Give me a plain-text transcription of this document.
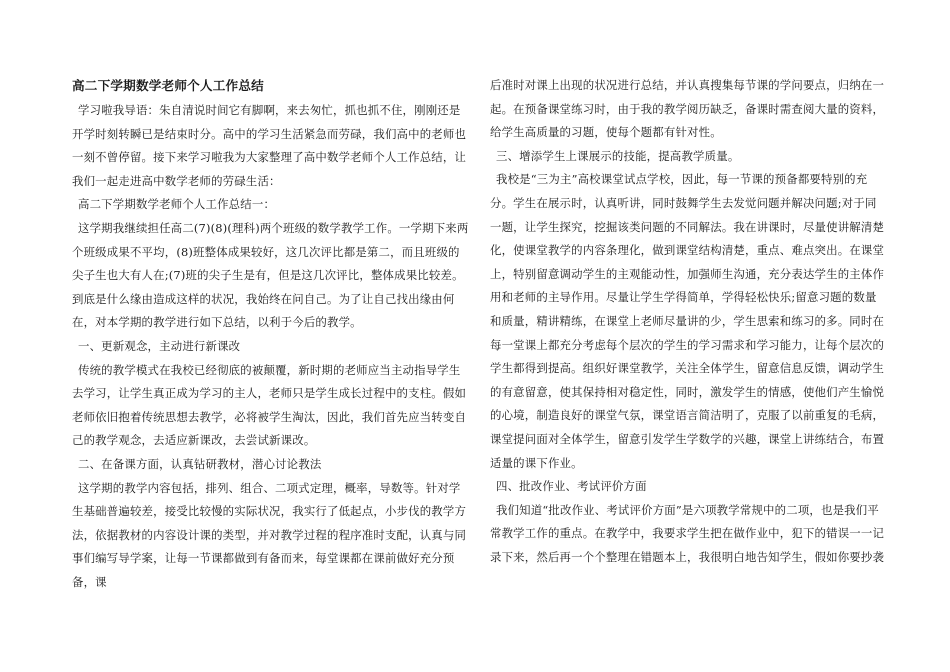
高二下学期数学老师个人工作总结

学习啦我导语：朱自清说时间它有脚啊，来去匆忙，抓也抓不住，刚刚还是开学时刻转瞬已是结束时分。高中的学习生活紧急而劳碌，我们高中的老师也一刻不曾停留。接下来学习啦我为大家整理了高中数学老师个人工作总结，让我们一起走进高中数学老师的劳碌生活：

高二下学期数学老师个人工作总结一：

这学期我继续担任高二(7)(8)(理科)两个班级的数学教学工作。一学期下来两个班级成果不平均，(8)班整体成果较好，这几次评比都是第二，而且班级的尖子生也大有人在;(7)班的尖子生是有，但是这几次评比，整体成果比较差。到底是什么缘由造成这样的状况，我始终在问自己。为了让自己找出缘由何在，对本学期的教学进行如下总结，以利于今后的教学。

一、更新观念，主动进行新课改

传统的教学模式在我校已经彻底的被颠覆，新时期的老师应当主动指导学生去学习，让学生真正成为学习的主人，老师只是学生成长过程中的支柱。假如老师依旧抱着传统思想去教学，必将被学生淘汰，因此，我们首先应当转变自己的教学观念，去适应新课改，去尝试新课改。

二、在备课方面，认真钻研教材，潜心讨论教法

这学期的教学内容包括，排列、组合、二项式定理，概率，导数等。针对学生基础普遍较差，接受比较慢的实际状况，我实行了低起点，小步伐的教学方法，依据教材的内容设计课的类型，并对教学过程的程序准时支配，认真与同事们编写导学案，让每一节课都做到有备而来，每堂课都在课前做好充分预备，课

后准时对课上出现的状况进行总结，并认真搜集每节课的学问要点，归纳在一起。在预备课堂练习时，由于我的教学阅历缺乏，备课时需查阅大量的资料，给学生高质量的习题，使每个题都有针对性。

三、增添学生上课展示的技能，提高教学质量。

我校是“三为主”高校课堂试点学校，因此，每一节课的预备都要特别的充分。学生在展示时，认真听讲，同时鼓舞学生去发觉问题并解决问题;对于同一题，让学生探究，挖掘该类问题的不同解法。我在讲课时，尽量使讲解清楚化，使课堂教学的内容条理化，做到课堂结构清楚，重点、难点突出。在课堂上，特别留意调动学生的主观能动性，加强师生沟通，充分表达学生的主体作用和老师的主导作用。尽量让学生学得简单，学得轻松快乐;留意习题的数量和质量，精讲精练，在课堂上老师尽量讲的少，学生思索和练习的多。同时在每一堂课上都充分考虑每个层次的学生的学习需求和学习能力，让每个层次的学生都得到提高。组织好课堂教学，关注全体学生，留意信息反馈，调动学生的有意留意，使其保持相对稳定性，同时，激发学生的情感，使他们产生愉悦的心境，制造良好的课堂气氛，课堂语言简洁明了，克服了以前重复的毛病，课堂提问面对全体学生，留意引发学生学数学的兴趣，课堂上讲练结合，布置适量的课下作业。

四、批改作业、考试评价方面

我们知道“批改作业、考试评价方面”是六项教学常规中的二项，也是我们平常教学工作的重点。在教学中，我要求学生把在做作业中，犯下的错误一一记录下来，然后再一个个整理在错题本上，我很明白地告知学生，假如你要抄袭
